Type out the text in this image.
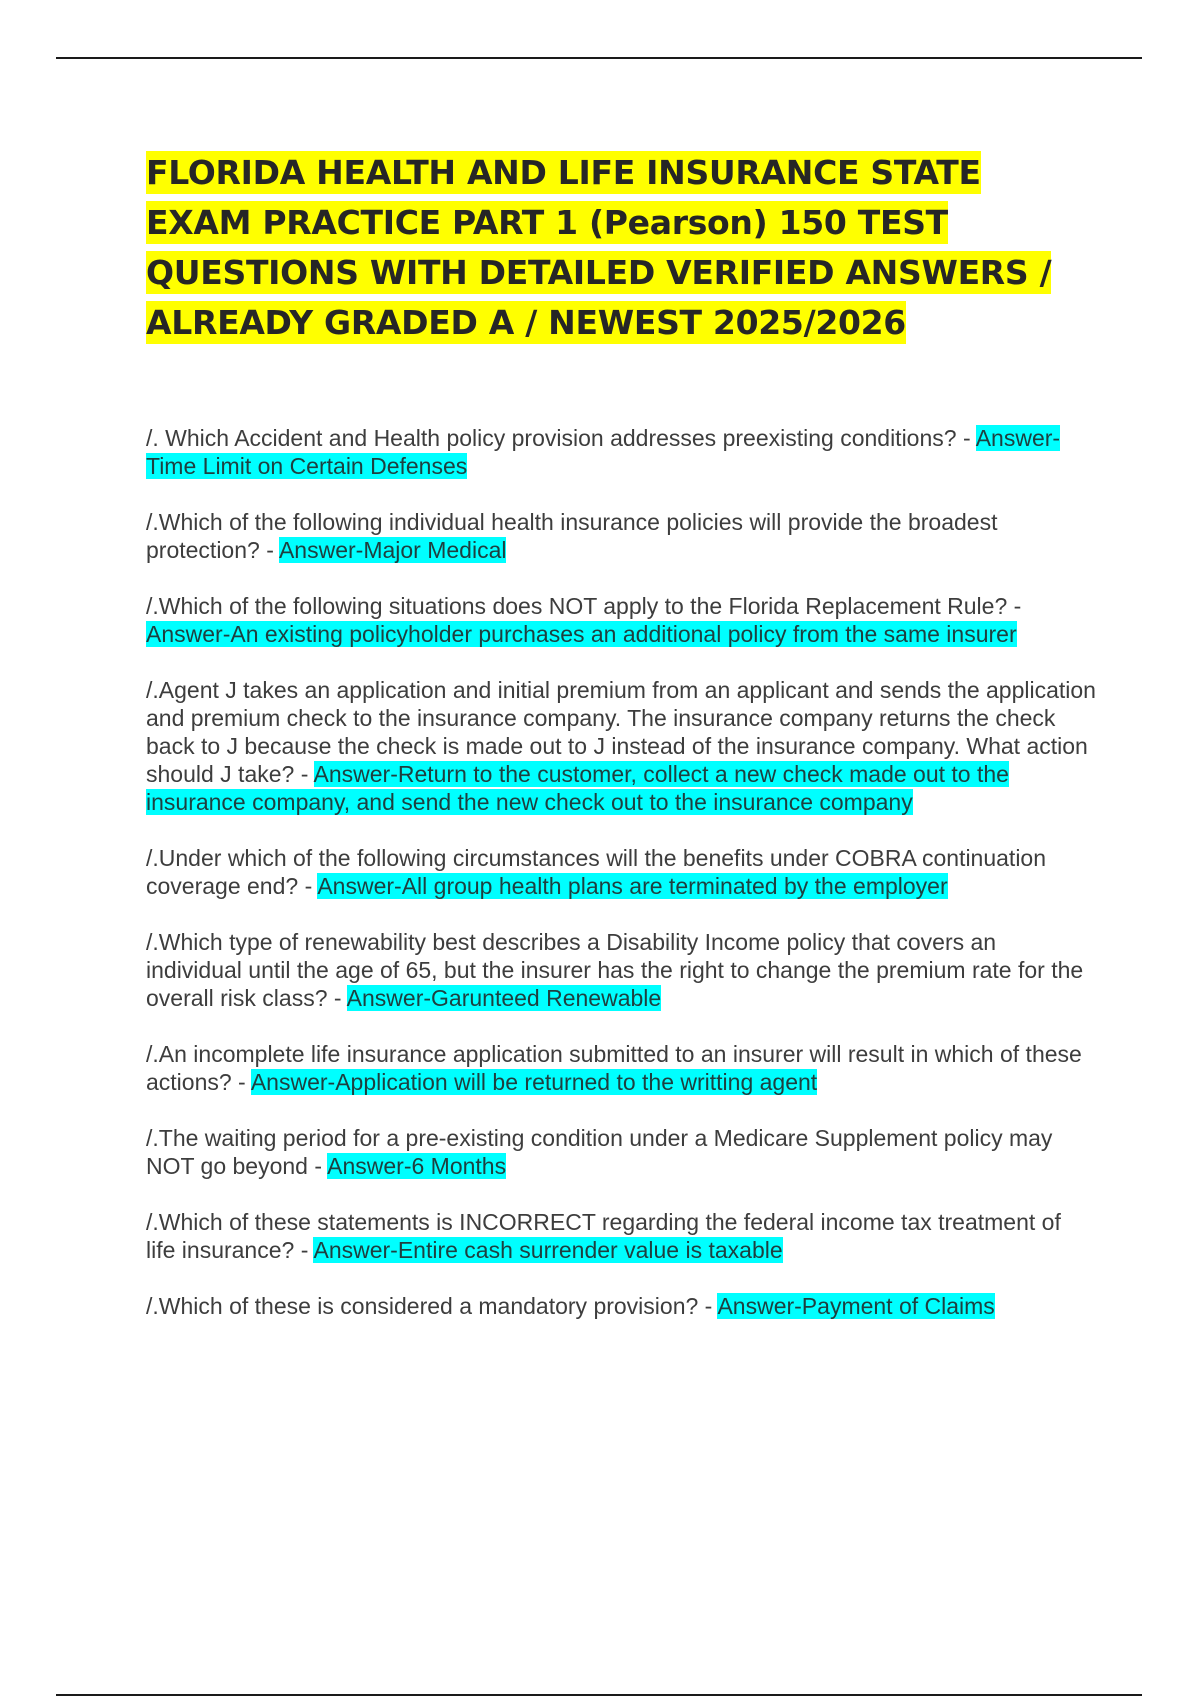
FLORIDA HEALTH AND LIFE INSURANCE STATE EXAM PRACTICE PART 1 (Pearson) 150 TEST QUESTIONS WITH DETAILED VERIFIED ANSWERS / ALREADY GRADED A / NEWEST 2025/2026
/. Which Accident and Health policy provision addresses preexisting conditions? - Answer-Time Limit on Certain Defenses
/.Which of the following individual health insurance policies will provide the broadest protection? - Answer-Major Medical
/.Which of the following situations does NOT apply to the Florida Replacement Rule? - Answer-An existing policyholder purchases an additional policy from the same insurer
/.Agent J takes an application and initial premium from an applicant and sends the application and premium check to the insurance company. The insurance company returns the check back to J because the check is made out to J instead of the insurance company. What action should J take? - Answer-Return to the customer, collect a new check made out to the insurance company, and send the new check out to the insurance company
/.Under which of the following circumstances will the benefits under COBRA continuation coverage end? - Answer-All group health plans are terminated by the employer
/.Which type of renewability best describes a Disability Income policy that covers an individual until the age of 65, but the insurer has the right to change the premium rate for the overall risk class? - Answer-Garunteed Renewable
/.An incomplete life insurance application submitted to an insurer will result in which of these actions? - Answer-Application will be returned to the writting agent
/.The waiting period for a pre-existing condition under a Medicare Supplement policy may NOT go beyond - Answer-6 Months
/.Which of these statements is INCORRECT regarding the federal income tax treatment of life insurance? - Answer-Entire cash surrender value is taxable
/.Which of these is considered a mandatory provision? - Answer-Payment of Claims
